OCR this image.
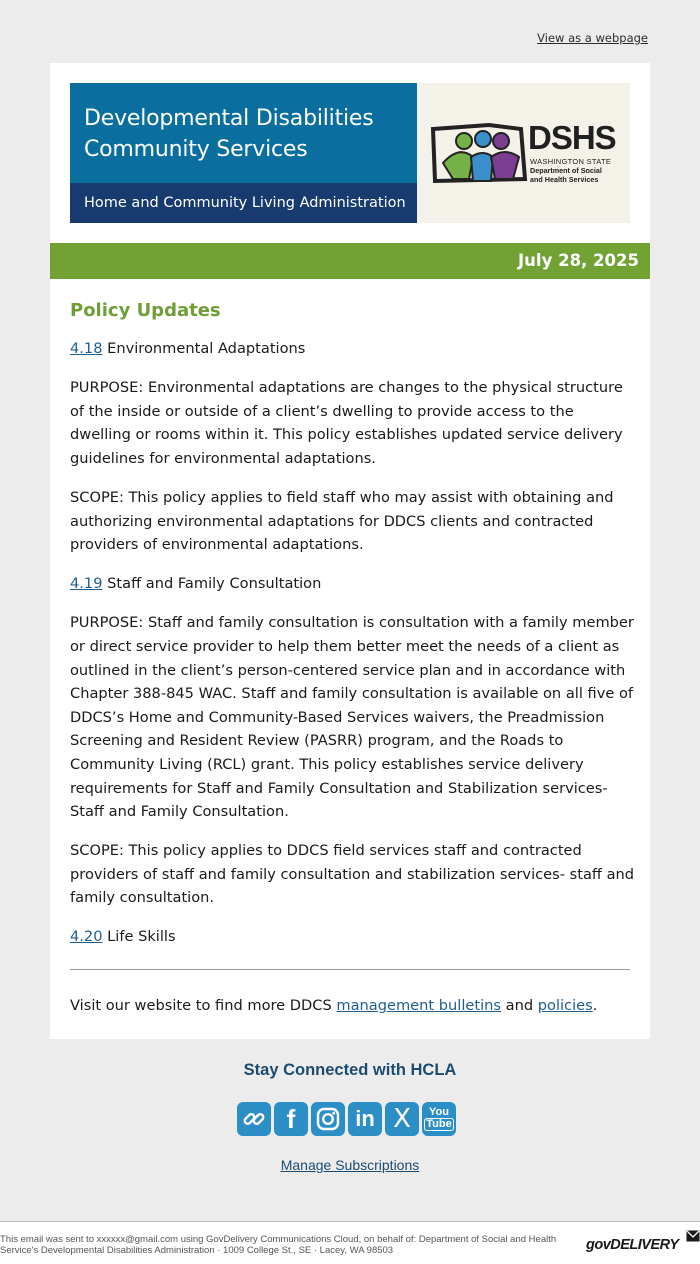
View as a webpage
Developmental Disabilities
Community Services
Home and Community Living Administration
DSHS
WASHINGTON STATE
Department of Social
and Health Services
July 28, 2025
Policy Updates

4.18 Environmental Adaptations

PURPOSE: Environmental adaptations are changes to the physical structure of the inside or outside of a client’s dwelling to provide access to the dwelling or rooms within it. This policy establishes updated service delivery guidelines for environmental adaptations.

SCOPE: This policy applies to field staff who may assist with obtaining and authorizing environmental adaptations for DDCS clients and contracted providers of environmental adaptations.

4.19 Staff and Family Consultation

PURPOSE: Staff and family consultation is consultation with a family member or direct service provider to help them better meet the needs of a client as outlined in the client’s person-centered service plan and in accordance with Chapter 388-845 WAC. Staff and family consultation is available on all five of DDCS’s Home and Community-Based Services waivers, the Preadmission Screening and Resident Review (PASRR) program, and the Roads to Community Living (RCL) grant. This policy establishes service delivery requirements for Staff and Family Consultation and Stabilization services- Staff and Family Consultation.

SCOPE: This policy applies to DDCS field services staff and contracted providers of staff and family consultation and stabilization services- staff and family consultation.

4.20 Life Skills

Visit our website to find more DDCS management bulletins and policies.

Stay Connected with HCLA
f	in X You
Tube
Manage Subscriptions
This email was sent to xxxxxx@gmail.com using GovDelivery Communications Cloud, on behalf of: Department of Social and Health Service's Developmental Disabilities Administration · 1009 College St., SE · Lacey, WA 98503	govDELIVERY
